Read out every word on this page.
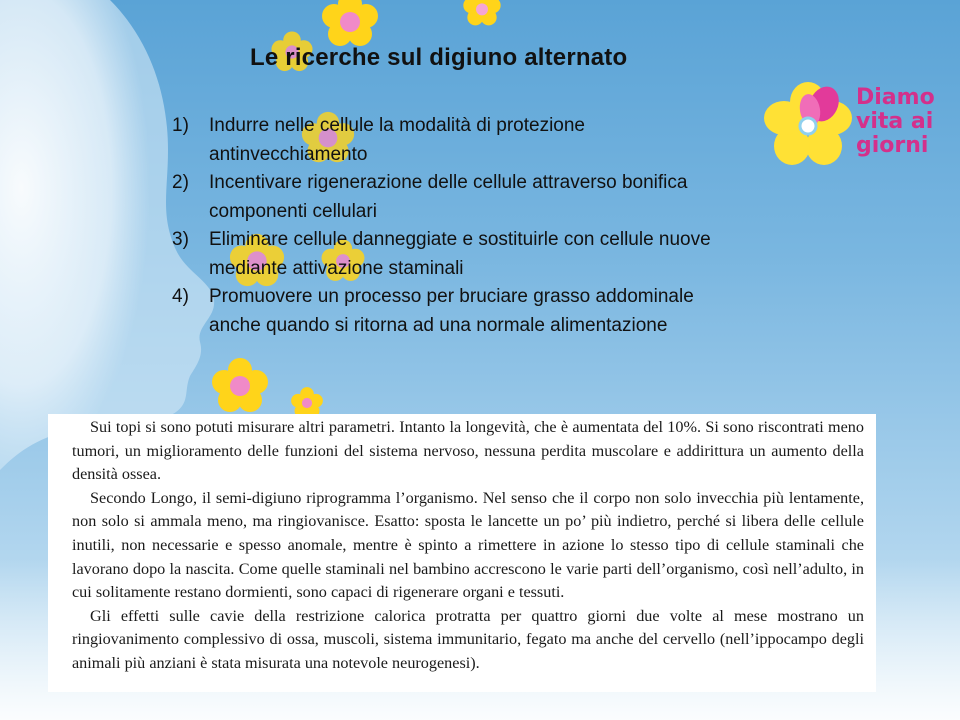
Le ricerche sul digiuno alternato
1) Indurre nelle cellule la modalità di protezione antinvecchiamento
2) Incentivare rigenerazione delle cellule attraverso bonifica componenti cellulari
3) Eliminare cellule danneggiate e sostituirle con cellule nuove mediante attivazione staminali
4) Promuovere un processo per bruciare grasso addominale anche quando si ritorna ad una normale alimentazione
Diamo
vita ai
giorni

Sui topi si sono potuti misurare altri parametri. Intanto la longevità, che è aumentata del 10%. Si sono riscontrati meno tumori, un miglioramento delle funzioni del sistema nervoso, nessuna perdita muscolare e addirittura un aumento della densità ossea.

Secondo Longo, il semi-digiuno riprogramma l’organismo. Nel senso che il corpo non solo invecchia più lentamente, non solo si ammala meno, ma ringiovanisce. Esatto: sposta le lancette un po’ più indietro, perché si libera delle cellule inutili, non necessarie e spesso anomale, mentre è spinto a rimettere in azione lo stesso tipo di cellule staminali che lavorano dopo la nascita. Come quelle staminali nel bambino accrescono le varie parti dell’organismo, così nell’adulto, in cui solitamente restano dormienti, sono capaci di rigenerare organi e tessuti.

Gli effetti sulle cavie della restrizione calorica protratta per quattro giorni due volte al mese mostrano un ringiovanimento complessivo di ossa, muscoli, sistema immunitario, fegato ma anche del cervello (nell’ippocampo degli animali più anziani è stata misurata una notevole neurogenesi).
